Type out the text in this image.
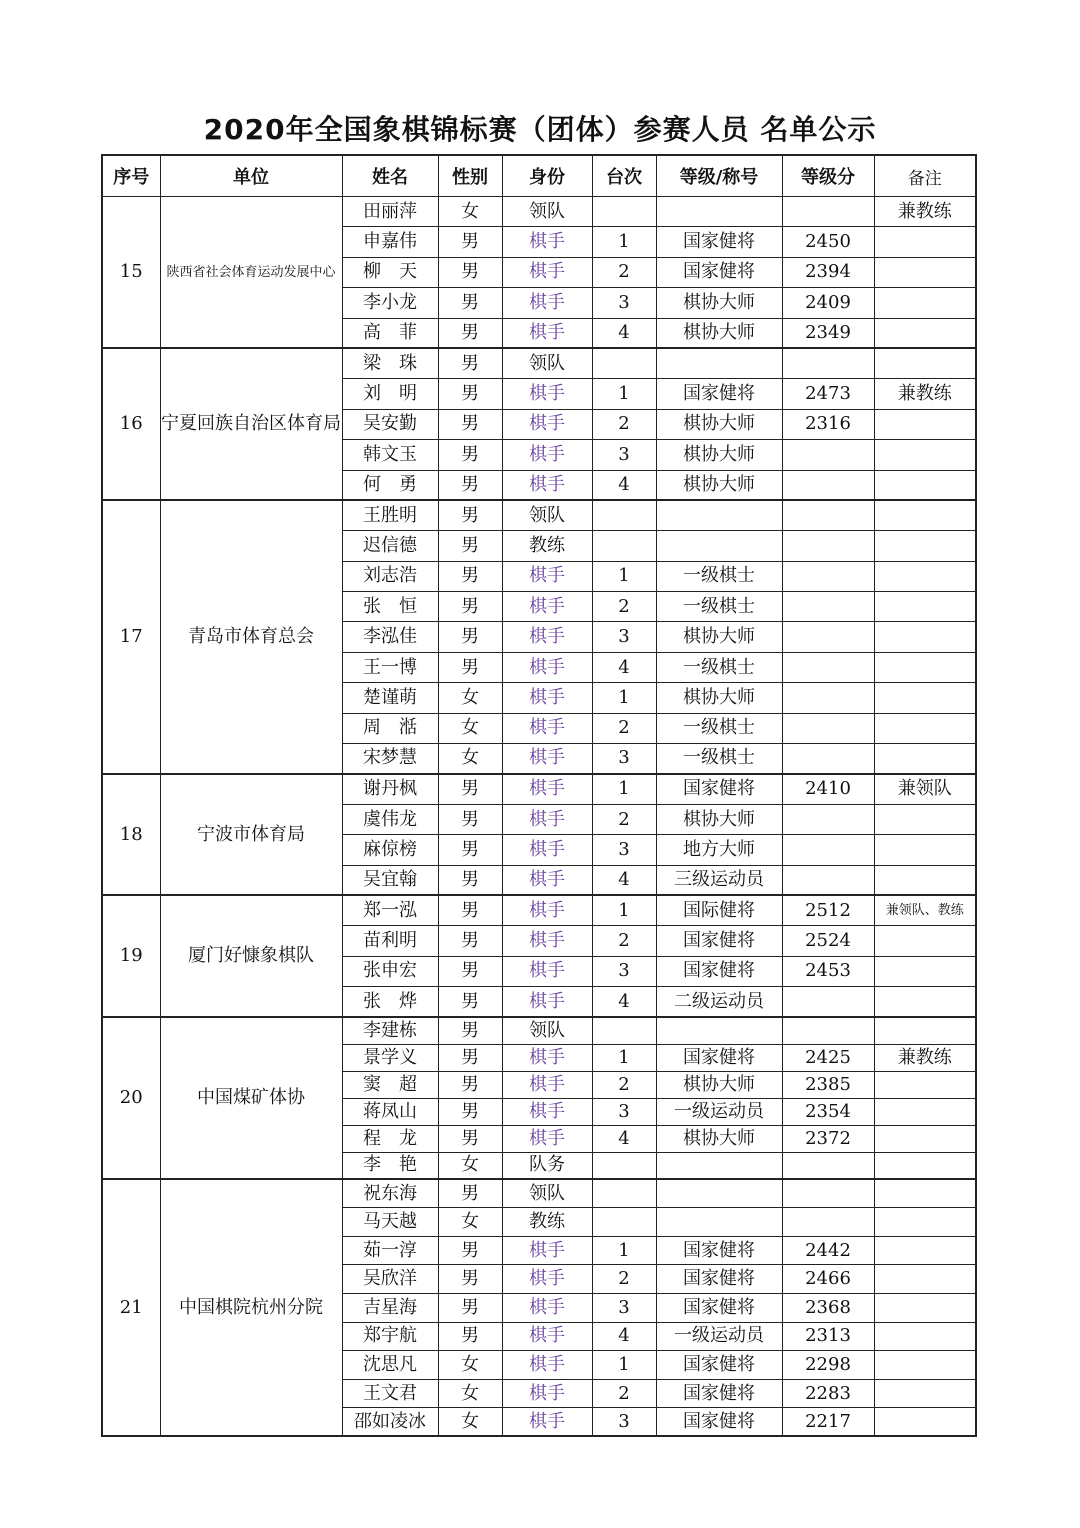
2020年全国象棋锦标赛（团体）参赛人员 名单公示
序号	单位	姓名	性别	身份	台次	等级/称号	等级分	备注
15	陕西省社会体育运动发展中心	田丽萍	女	领队				兼教练
		申嘉伟	男	棋手	1	国家健将	2450	
		柳　天	男	棋手	2	国家健将	2394	
		李小龙	男	棋手	3	棋协大师	2409	
		高　菲	男	棋手	4	棋协大师	2349	
16	宁夏回族自治区体育局	梁　珠	男	领队				
		刘　明	男	棋手	1	国家健将	2473	兼教练
		吴安勤	男	棋手	2	棋协大师	2316	
		韩文玉	男	棋手	3	棋协大师		
		何　勇	男	棋手	4	棋协大师		
17	青岛市体育总会	王胜明	男	领队				
		迟信德	男	教练				
		刘志浩	男	棋手	1	一级棋士		
		张　恒	男	棋手	2	一级棋士		
		李泓佳	男	棋手	3	棋协大师		
		王一博	男	棋手	4	一级棋士		
		楚谨萌	女	棋手	1	棋协大师		
		周　湉	女	棋手	2	一级棋士		
		宋梦慧	女	棋手	3	一级棋士		
18	宁波市体育局	谢丹枫	男	棋手	1	国家健将	2410	兼领队
		虞伟龙	男	棋手	2	棋协大师		
		麻倞榜	男	棋手	3	地方大师		
		吴宜翰	男	棋手	4	三级运动员		
19	厦门好慷象棋队	郑一泓	男	棋手	1	国际健将	2512	兼领队、教练
		苗利明	男	棋手	2	国家健将	2524	
		张申宏	男	棋手	3	国家健将	2453	
		张　烨	男	棋手	4	二级运动员		
20	中国煤矿体协	李建栋	男	领队				
		景学义	男	棋手	1	国家健将	2425	兼教练
		窦　超	男	棋手	2	棋协大师	2385	
		蒋凤山	男	棋手	3	一级运动员	2354	
		程　龙	男	棋手	4	棋协大师	2372	
		李　艳	女	队务				
21	中国棋院杭州分院	祝东海	男	领队				
		马天越	女	教练				
		茹一淳	男	棋手	1	国家健将	2442	
		吴欣洋	男	棋手	2	国家健将	2466	
		吉星海	男	棋手	3	国家健将	2368	
		郑宇航	男	棋手	4	一级运动员	2313	
		沈思凡	女	棋手	1	国家健将	2298	
		王文君	女	棋手	2	国家健将	2283	
		邵如凌冰	女	棋手	3	国家健将	2217	
